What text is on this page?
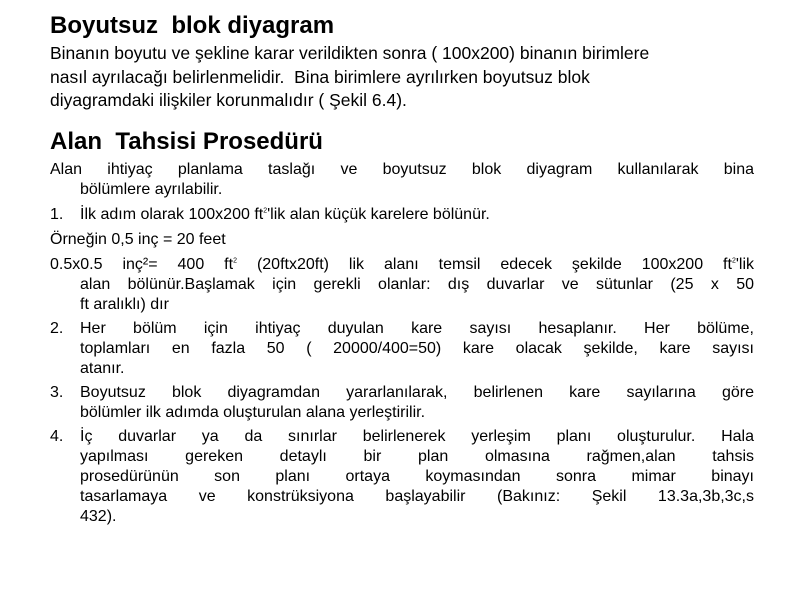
Boyutsuz  blok diyagram

Binanın boyutu ve şekline karar verildikten sonra ( 100x200) binanın birimlere
nasıl ayrılacağı belirlenmelidir.  Bina birimlere ayrılırken boyutsuz blok
diyagramdaki ilişkiler korunmalıdır ( Şekil 6.4).

Alan  Tahsisi Prosedürü

Alan ihtiyaç planlama taslağı ve boyutsuz blok diyagram kullanılarak bina
bölümlere ayrılabilir.

1.	İlk adım olarak 100x200 $ft^2'lik$ alan küçük karelere bölünür.

Örneğin 0,5 inç = 20 feet

0.5x0.5 inç²= 400 $ft^2$ (20ftx20ft) lik alanı temsil edecek şekilde 100x200 $ft^2'lik$
alan bölünür.Başlamak için gerekli olanlar: dış duvarlar ve sütunlar (25 x 50
ft aralıklı) dır

2.	Her bölüm için ihtiyaç duyulan kare sayısı hesaplanır. Her bölüme,
toplamları en fazla 50 ( 20000/400=50) kare olacak şekilde, kare sayısı
atanır.
3.	Boyutsuz blok diyagramdan yararlanılarak, belirlenen kare sayılarına göre
bölümler ilk adımda oluşturulan alana yerleştirilir.
4.	İç duvarlar ya da sınırlar belirlenerek yerleşim planı oluşturulur. Hala
yapılması gereken detaylı bir plan olmasına rağmen,alan tahsis
prosedürünün son planı ortaya koymasından sonra mimar binayı
tasarlamaya ve konstrüksiyona başlayabilir (Bakınız: Şekil 13.3a,3b,3c,s
432).
